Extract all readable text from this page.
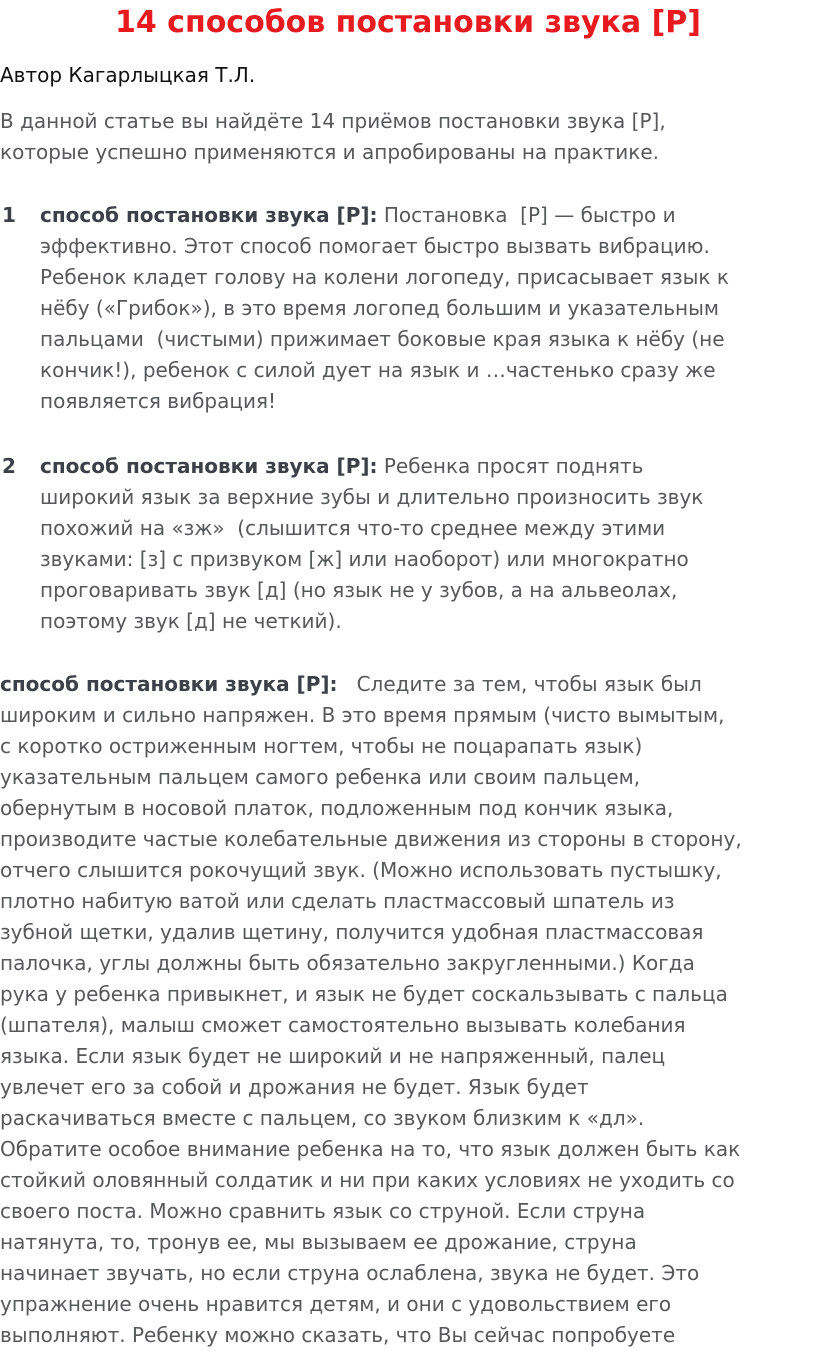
14 способов постановки звука [Р]
Автор Кагарлыцкая Т.Л.
В данной статье вы найдёте 14 приёмов постановки звука [Р],
которые успешно применяются и апробированы на практике.
1 способ постановки звука [Р]: Постановка  [Р] — быстро и
эффективно. Этот способ помогает быстро вызвать вибрацию.
Ребенок кладет голову на колени логопеду, присасывает язык к
нёбу («Грибок»), в это время логопед большим и указательным
пальцами  (чистыми) прижимает боковые края языка к нёбу (не
кончик!), ребенок с силой дует на язык и …частенько сразу же
появляется вибрация!
2 способ постановки звука [Р]: Ребенка просят поднять
широкий язык за верхние зубы и длительно произносить звук
похожий на «зж»  (слышится что-то среднее между этими
звуками: [з] с призвуком [ж] или наоборот) или многократно
проговаривать звук [д] (но язык не у зубов, а на альвеолах,
поэтому звук [д] не четкий).
способ постановки звука [Р]:   Следите за тем, чтобы язык был
широким и сильно напряжен. В это время прямым (чисто вымытым,
с коротко остриженным ногтем, чтобы не поцарапать язык)
указательным пальцем самого ребенка или своим пальцем,
обернутым в носовой платок, подложенным под кончик языка,
производите частые колебательные движения из стороны в сторону,
отчего слышится рокочущий звук. (Можно использовать пустышку,
плотно набитую ватой или сделать пластмассовый шпатель из
зубной щетки, удалив щетину, получится удобная пластмассовая
палочка, углы должны быть обязательно закругленными.) Когда
рука у ребенка привыкнет, и язык не будет соскальзывать с пальца
(шпателя), малыш сможет самостоятельно вызывать колебания
языка. Если язык будет не широкий и не напряженный, палец
увлечет его за собой и дрожания не будет. Язык будет
раскачиваться вместе с пальцем, со звуком близким к «дл».
Обратите особое внимание ребенка на то, что язык должен быть как
стойкий оловянный солдатик и ни при каких условиях не уходить со
своего поста. Можно сравнить язык со струной. Если струна
натянута, то, тронув ее, мы вызываем ее дрожание, струна
начинает звучать, но если струна ослаблена, звука не будет. Это
упражнение очень нравится детям, и они с удовольствием его
выполняют. Ребенку можно сказать, что Вы сейчас попробуете
